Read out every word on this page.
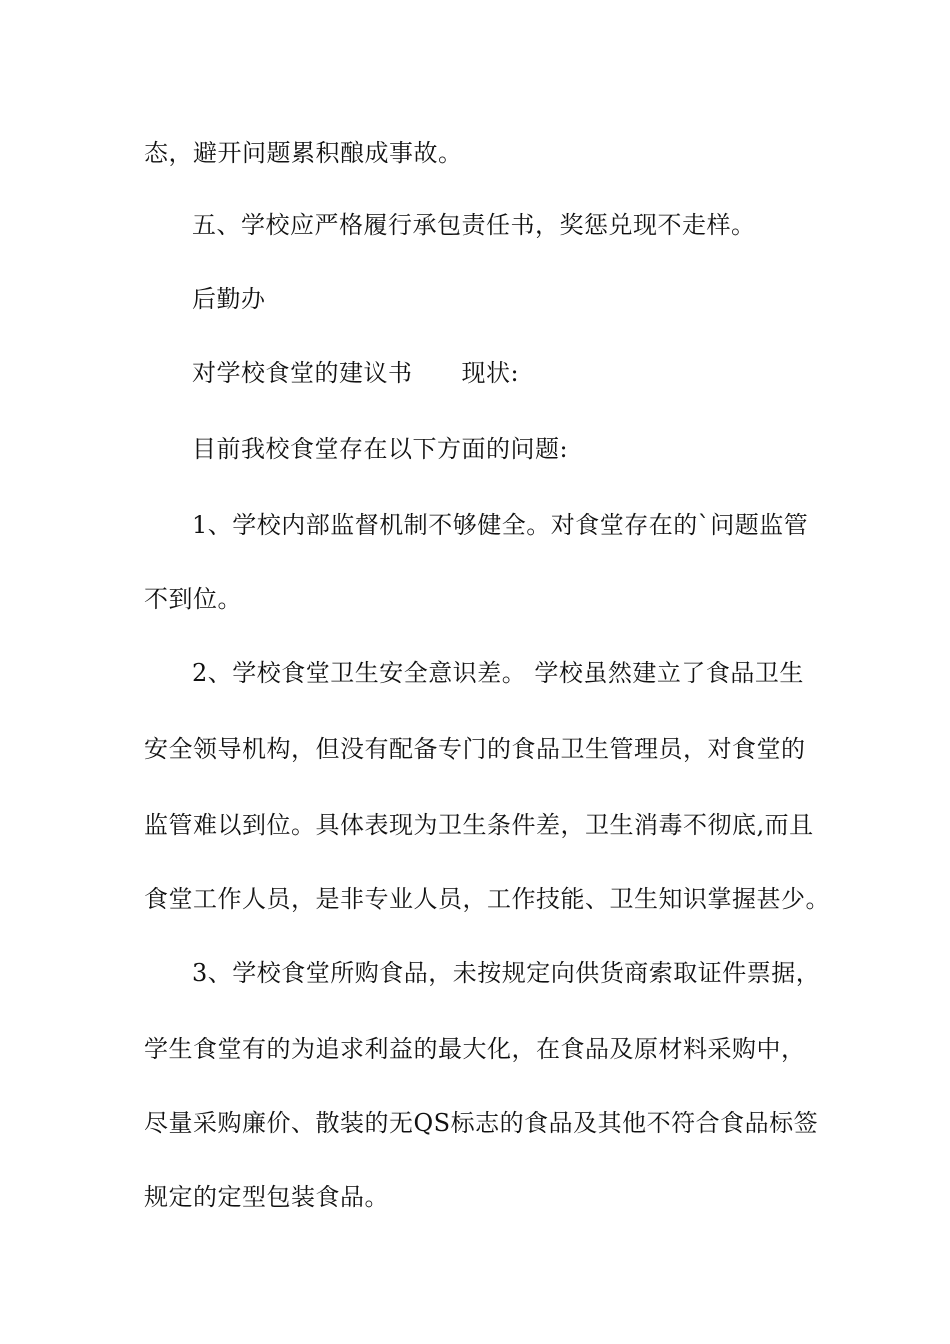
态，避开问题累积酿成事故。
五、学校应严格履行承包责任书，奖惩兑现不走样。
后勤办
对学校食堂的建议书　　现状:
目前我校食堂存在以下方面的问题:
1、学校内部监督机制不够健全。对食堂存在的`问题监管
不到位。
2、学校食堂卫生安全意识差。 学校虽然建立了食品卫生
安全领导机构，但没有配备专门的食品卫生管理员，对食堂的
监管难以到位。具体表现为卫生条件差，卫生消毒不彻底,而且
食堂工作人员，是非专业人员，工作技能、卫生知识掌握甚少。
3、学校食堂所购食品，未按规定向供货商索取证件票据，
学生食堂有的为追求利益的最大化，在食品及原材料采购中，
尽量采购廉价、散装的无QS标志的食品及其他不符合食品标签
规定的定型包装食品。
